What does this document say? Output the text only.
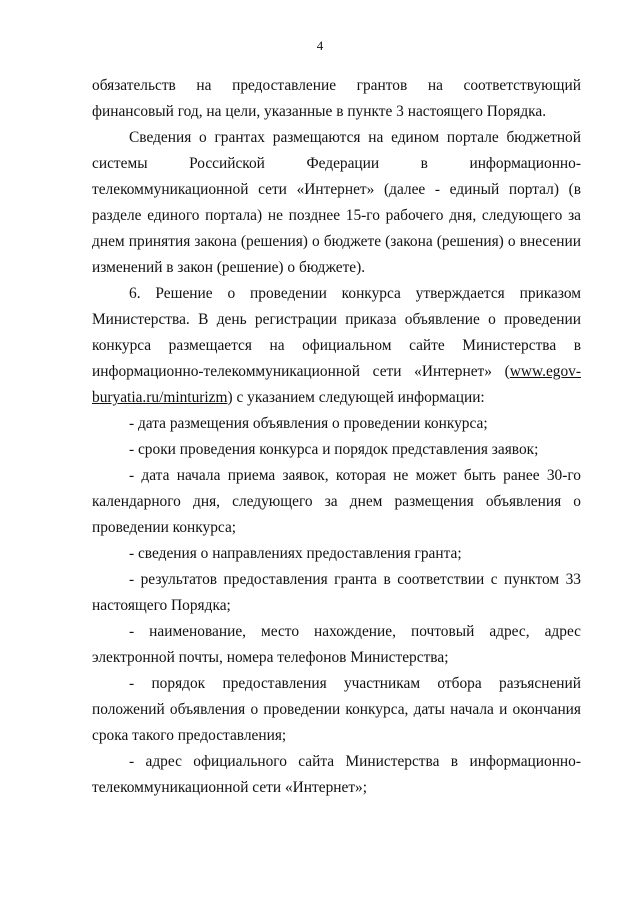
4

обязательств на предоставление грантов на соответствующий финансовый год, на цели, указанные в пункте 3 настоящего Порядка.

Сведения о грантах размещаются на едином портале бюджетной системы Российской Федерации в информационно-телекоммуникационной сети «Интернет» (далее - единый портал) (в разделе единого портала) не позднее 15-го рабочего дня, следующего за днем принятия закона (решения) о бюджете (закона (решения) о внесении изменений в закон (решение) о бюджете).

6. Решение о проведении конкурса утверждается приказом Министерства. В день регистрации приказа объявление о проведении конкурса размещается на официальном сайте Министерства в информационно-телекоммуникационной сети «Интернет» (www.egov-buryatia.ru/minturizm) с указанием следующей информации:

- дата размещения объявления о проведении конкурса;

- сроки проведения конкурса и порядок представления заявок;

- дата начала приема заявок, которая не может быть ранее 30-го календарного дня, следующего за днем размещения объявления о проведении конкурса;

- сведения о направлениях предоставления гранта;

- результатов предоставления гранта в соответствии с пунктом 33 настоящего Порядка;

- наименование, место нахождение, почтовый адрес, адрес электронной почты, номера телефонов Министерства;

- порядок предоставления участникам отбора разъяснений положений объявления о проведении конкурса, даты начала и окончания срока такого предоставления;

- адрес официального сайта Министерства в информационно-телекоммуникационной сети «Интернет»;
